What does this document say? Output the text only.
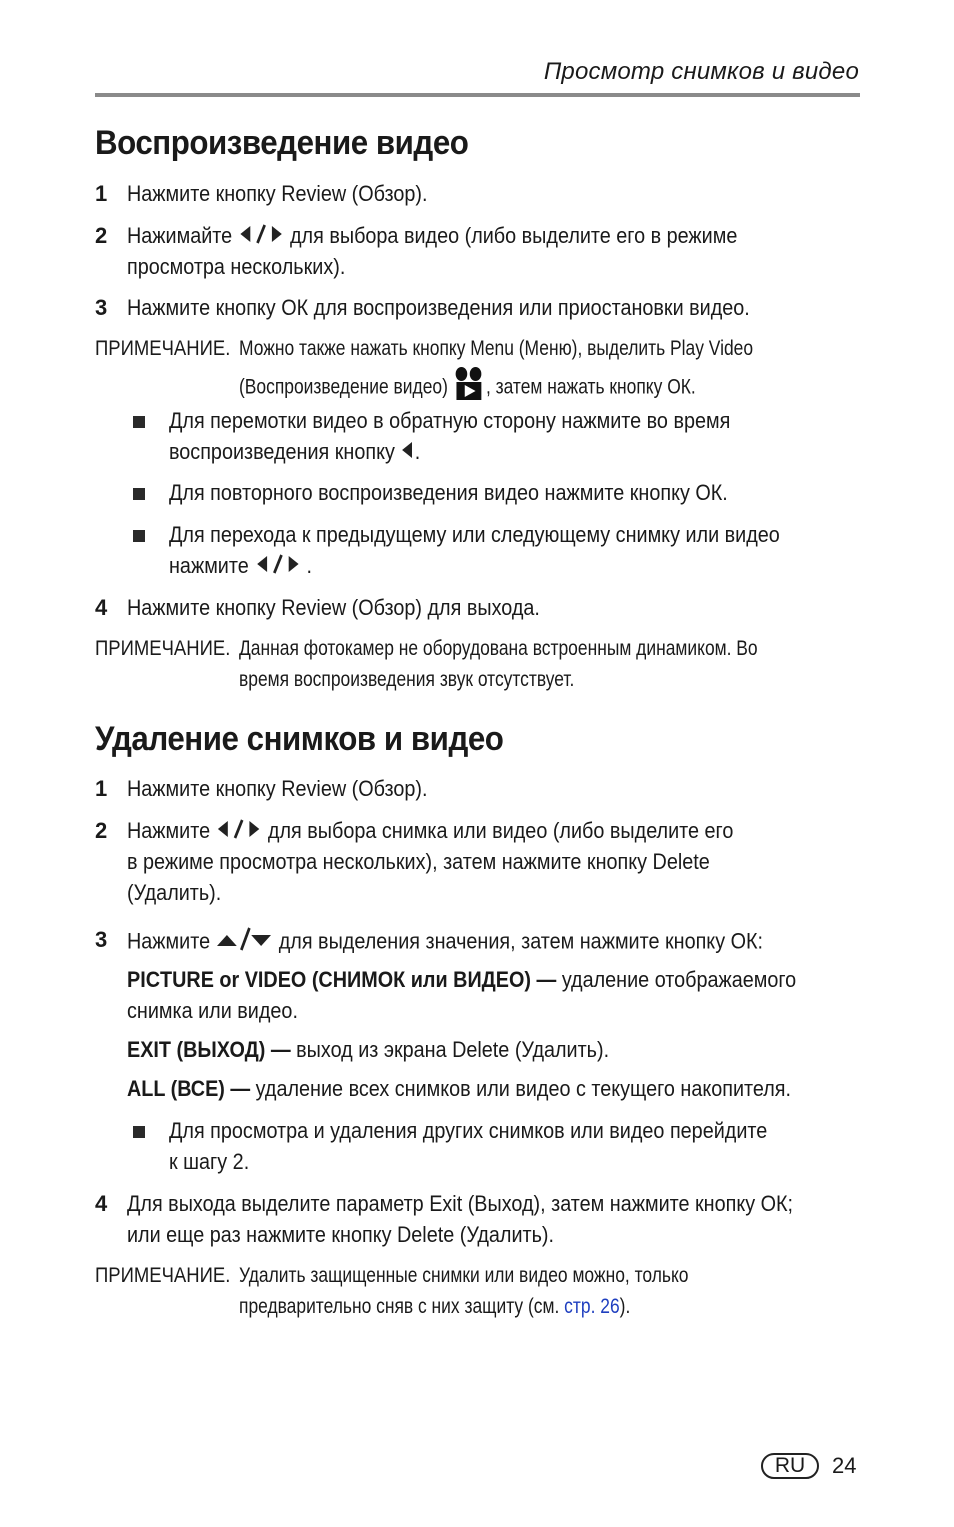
Просмотр снимков и видео
Воспроизведение видео
1 Нажмите кнопку Review (Обзор).
2 Нажимайте	для выбора видео (либо выделите его в режиме
просмотра нескольких).
3 Нажмите кнопку ОК для воспроизведения или приостановки видео.
ПРИМЕЧАНИЕ. Можно также нажать кнопку Menu (Меню), выделить Play Video
(Воспроизведение видео) , затем нажать кнопку ОК.
Для перемотки видео в обратную сторону нажмите во время
воспроизведения кнопку .
Для повторного воспроизведения видео нажмите кнопку ОК.
Для перехода к предыдущему или следующему снимку или видео
нажмите	.
4 Нажмите кнопку Review (Обзор) для выхода.
ПРИМЕЧАНИЕ. Данная фотокамер не оборудована встроенным динамиком. Во
время воспроизведения звук отсутствует.
Удаление снимков и видео
1 Нажмите кнопку Review (Обзор).
2 Нажмите	для выбора снимка или видео (либо выделите его
в режиме просмотра нескольких), затем нажмите кнопку Delete
(Удалить).
3 Нажмите	для выделения значения, затем нажмите кнопку ОК:
PICTURE or VIDEO (СНИМОК или ВИДЕО) — удаление отображаемого
снимка или видео.
EXIT (ВЫХОД) — выход из экрана Delete (Удалить).
ALL (ВСЕ) — удаление всех снимков или видео с текущего накопителя.
Для просмотра и удаления других снимков или видео перейдите
к шагу 2.
4 Для выхода выделите параметр Exit (Выход), затем нажмите кнопку ОК;
или еще раз нажмите кнопку Delete (Удалить).
ПРИМЕЧАНИЕ. Удалить защищенные снимки или видео можно, только
предварительно сняв с них защиту (см. стр. 26).
RU	24
